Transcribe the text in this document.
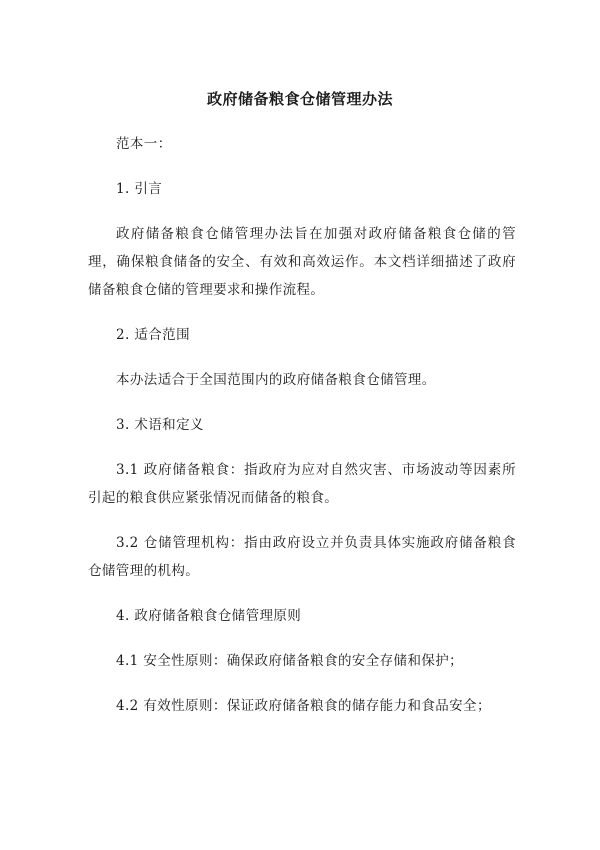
政府储备粮食仓储管理办法

范本一：

1. 引言

政府储备粮食仓储管理办法旨在加强对政府储备粮食仓储的管理，确保粮食储备的安全、有效和高效运作。本文档详细描述了政府储备粮食仓储的管理要求和操作流程。

2. 适合范围

本办法适合于全国范围内的政府储备粮食仓储管理。

3. 术语和定义

3.1 政府储备粮食：指政府为应对自然灾害、市场波动等因素所引起的粮食供应紧张情况而储备的粮食。

3.2 仓储管理机构：指由政府设立并负责具体实施政府储备粮食仓储管理的机构。

4. 政府储备粮食仓储管理原则

4.1 安全性原则：确保政府储备粮食的安全存储和保护；

4.2 有效性原则：保证政府储备粮食的储存能力和食品安全；
